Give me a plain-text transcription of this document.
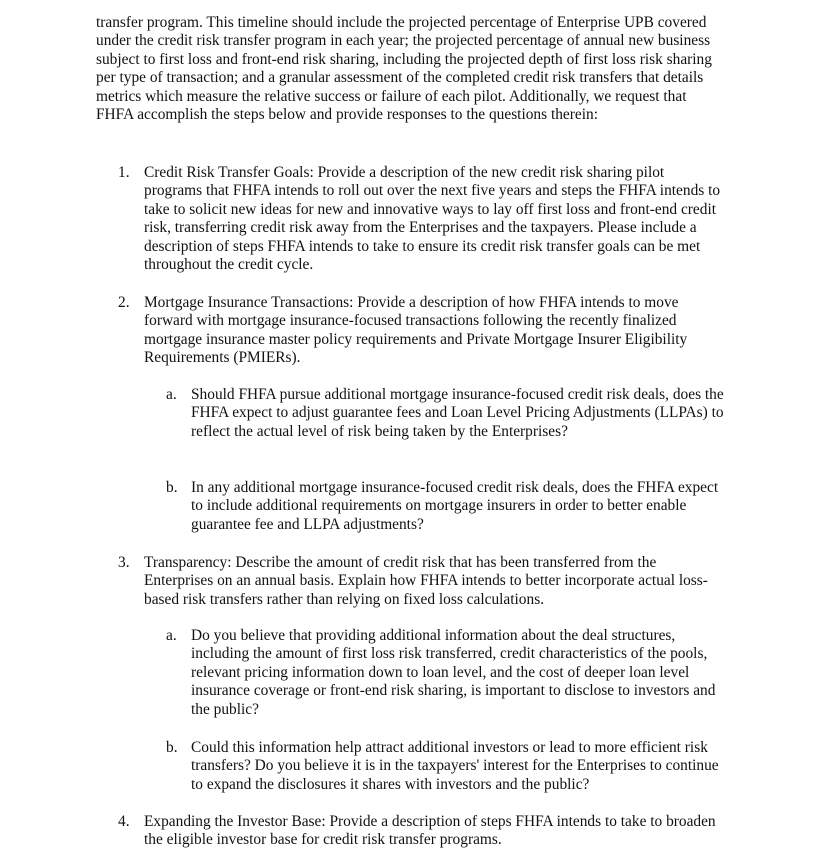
transfer program. This timeline should include the projected percentage of Enterprise UPB covered under the credit risk transfer program in each year; the projected percentage of annual new business subject to first loss and front-end risk sharing, including the projected depth of first loss risk sharing per type of transaction; and a granular assessment of the completed credit risk transfers that details metrics which measure the relative success or failure of each pilot. Additionally, we request that FHFA accomplish the steps below and provide responses to the questions therein:

1. Credit Risk Transfer Goals: Provide a description of the new credit risk sharing pilot programs that FHFA intends to roll out over the next five years and steps the FHFA intends to take to solicit new ideas for new and innovative ways to lay off first loss and front-end credit risk, transferring credit risk away from the Enterprises and the taxpayers. Please include a description of steps FHFA intends to take to ensure its credit risk transfer goals can be met throughout the credit cycle.

2. Mortgage Insurance Transactions: Provide a description of how FHFA intends to move forward with mortgage insurance-focused transactions following the recently finalized mortgage insurance master policy requirements and Private Mortgage Insurer Eligibility Requirements (PMIERs).

a. Should FHFA pursue additional mortgage insurance-focused credit risk deals, does the FHFA expect to adjust guarantee fees and Loan Level Pricing Adjustments (LLPAs) to reflect the actual level of risk being taken by the Enterprises?

b. In any additional mortgage insurance-focused credit risk deals, does the FHFA expect to include additional requirements on mortgage insurers in order to better enable guarantee fee and LLPA adjustments?

3. Transparency: Describe the amount of credit risk that has been transferred from the Enterprises on an annual basis. Explain how FHFA intends to better incorporate actual loss-based risk transfers rather than relying on fixed loss calculations.

a. Do you believe that providing additional information about the deal structures, including the amount of first loss risk transferred, credit characteristics of the pools, relevant pricing information down to loan level, and the cost of deeper loan level insurance coverage or front-end risk sharing, is important to disclose to investors and the public?

b. Could this information help attract additional investors or lead to more efficient risk transfers? Do you believe it is in the taxpayers' interest for the Enterprises to continue to expand the disclosures it shares with investors and the public?

4. Expanding the Investor Base: Provide a description of steps FHFA intends to take to broaden the eligible investor base for credit risk transfer programs.
